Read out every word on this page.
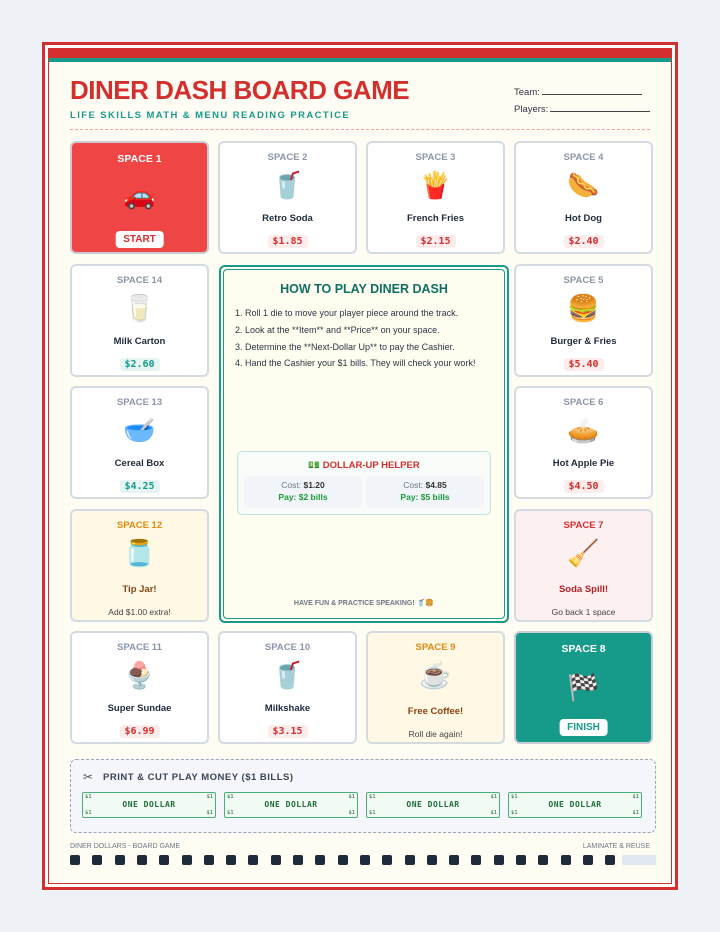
DINER DASH BOARD GAME
LIFE SKILLS MATH & MENU READING PRACTICE
Team:
Players:
SPACE 1
🚗
START
SPACE 2
🥤
Retro Soda
$1.85
SPACE 3
🍟
French Fries
$2.15
SPACE 4
🌭
Hot Dog
$2.40
SPACE 14
🥛
Milk Carton
$2.60
SPACE 13
🥣
Cereal Box
$4.25
SPACE 12
🫙
Tip Jar!
Add $1.00 extra!
SPACE 5
🍔
Burger & Fries
$5.40
SPACE 6
🥧
Hot Apple Pie
$4.50
SPACE 7
🧹
Soda Spill!
Go back 1 space
SPACE 11
🍨
Super Sundae
$6.99
SPACE 10
🥤
Milkshake
$3.15
SPACE 9
☕
Free Coffee!
Roll die again!
SPACE 8
🏁
FINISH
HOW TO PLAY DINER DASH
1. Roll 1 die to move your player piece around the track.
2. Look at the **Item** and **Price** on your space.
3. Determine the **Next-Dollar Up** to pay the Cashier.
4. Hand the Cashier your $1 bills. They will check your work!
💵 DOLLAR-UP HELPER
Cost: $1.20
Pay: $2 bills
Cost: $4.85
Pay: $5 bills
HAVE FUN & PRACTICE SPEAKING! 🥤🍔
✂ PRINT & CUT PLAY MONEY ($1 BILLS)
$1	$1
$1	$1
ONE DOLLAR
$1	$1
$1	$1
ONE DOLLAR
$1	$1
$1	$1
ONE DOLLAR
$1	$1
$1	$1
ONE DOLLAR
DINER DOLLARS - BOARD GAME	LAMINATE & REUSE
